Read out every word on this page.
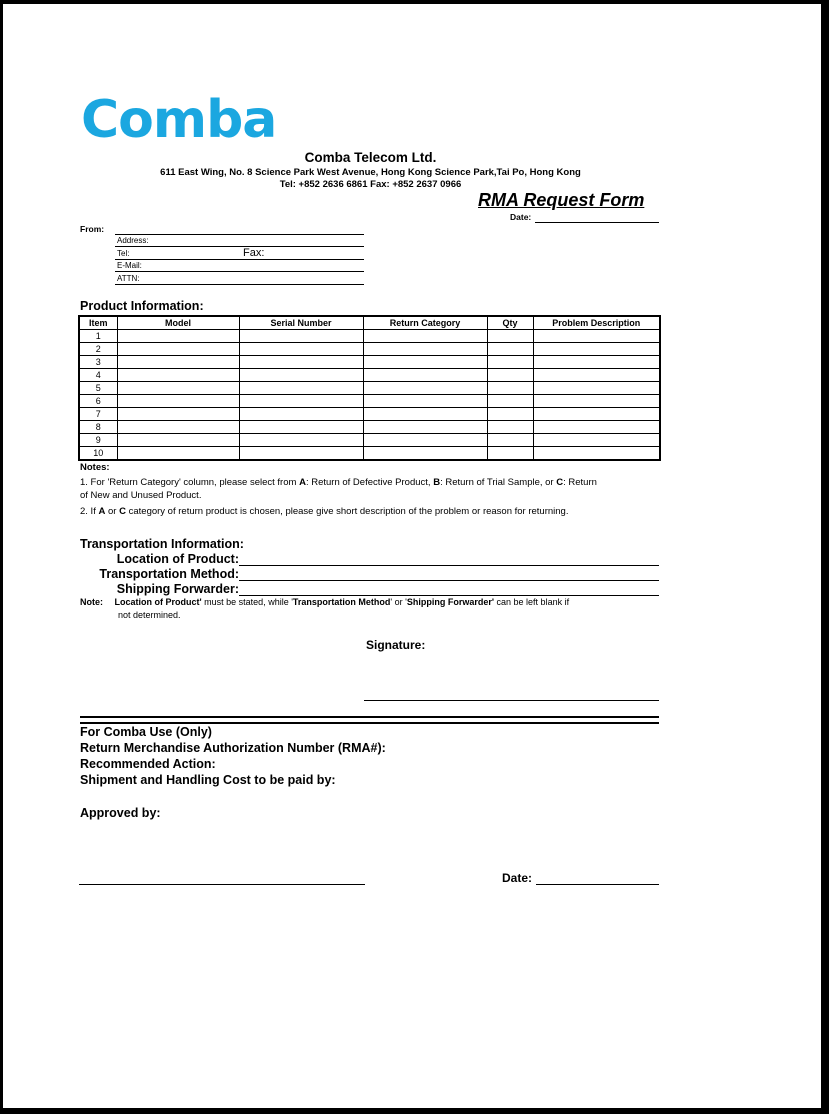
Comba
Comba Telecom Ltd.
611 East Wing, No. 8 Science Park West Avenue, Hong Kong Science Park,Tai Po, Hong Kong
Tel: +852 2636 6861 Fax: +852 2637 0966
RMA Request Form
Date:
From:
Address:
Tel:	Fax:
E-Mail:
ATTN:
Product Information:
Item	Model	Serial Number	Return Category	Qty	Problem Description
1					
2					
3					
4					
5					
6					
7					
8					
9					
10					
Notes:
1. For 'Return Category' column, please select from A: Return of Defective Product, B: Return of Trial Sample, or C: Return
of New and Unused Product.
2. If A or C category of return product is chosen, please give short description of the problem or reason for returning.
Transportation Information:
Location of Product:
Transportation Method:
Shipping Forwarder:
Note: Location of Product' must be stated, while 'Transportation Method' or 'Shipping Forwarder' can be left blank if
not determined.
Signature:
For Comba Use (Only)
Return Merchandise Authorization Number (RMA#):
Recommended Action:
Shipment and Handling Cost to be paid by:
Approved by:
Date:
